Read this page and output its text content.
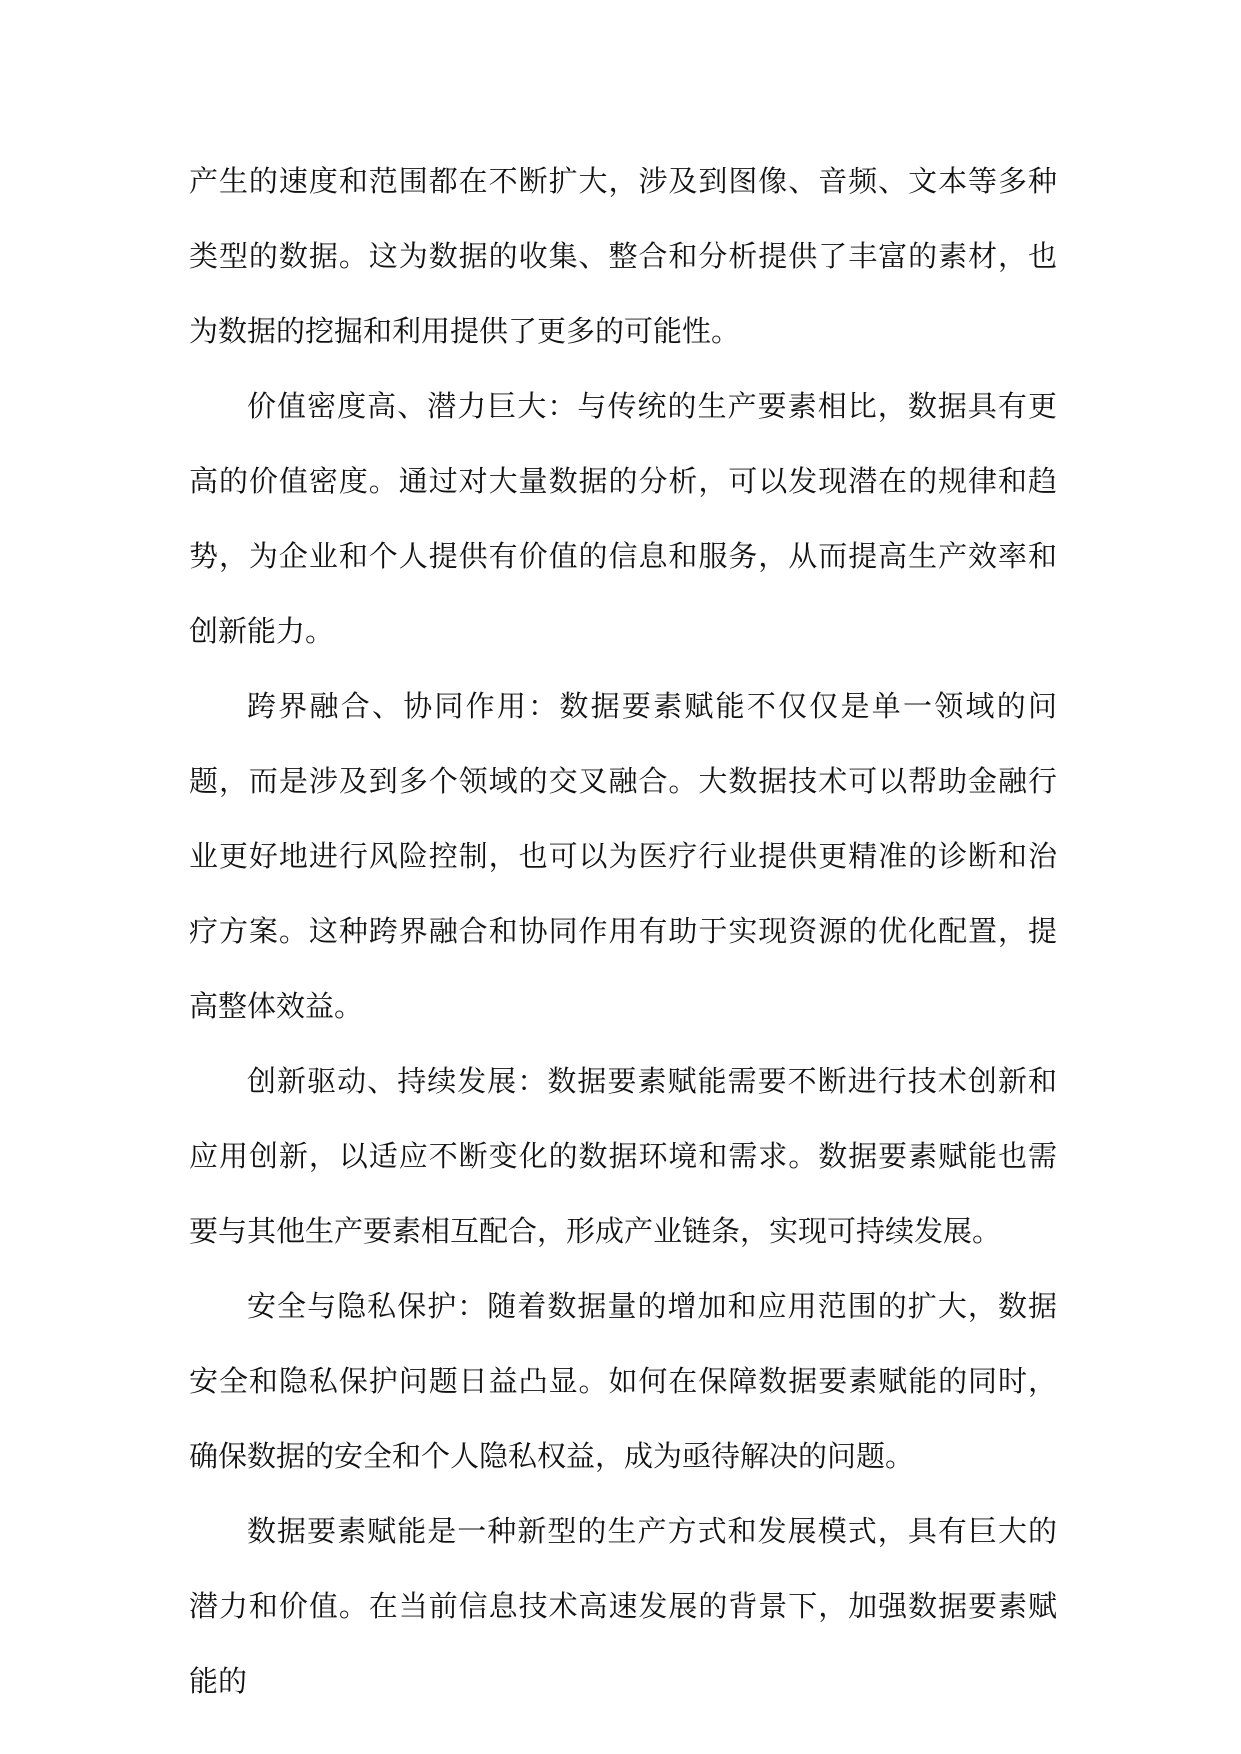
产生的速度和范围都在不断扩大，涉及到图像、音频、文本等多种类型的数据。这为数据的收集、整合和分析提供了丰富的素材，也为数据的挖掘和利用提供了更多的可能性。

价值密度高、潜力巨大：与传统的生产要素相比，数据具有更高的价值密度。通过对大量数据的分析，可以发现潜在的规律和趋势，为企业和个人提供有价值的信息和服务，从而提高生产效率和创新能力。

跨界融合、协同作用：数据要素赋能不仅仅是单一领域的问题，而是涉及到多个领域的交叉融合。大数据技术可以帮助金融行业更好地进行风险控制，也可以为医疗行业提供更精准的诊断和治疗方案。这种跨界融合和协同作用有助于实现资源的优化配置，提高整体效益。

创新驱动、持续发展：数据要素赋能需要不断进行技术创新和应用创新，以适应不断变化的数据环境和需求。数据要素赋能也需要与其他生产要素相互配合，形成产业链条，实现可持续发展。

安全与隐私保护：随着数据量的增加和应用范围的扩大，数据安全和隐私保护问题日益凸显。如何在保障数据要素赋能的同时，确保数据的安全和个人隐私权益，成为亟待解决的问题。

数据要素赋能是一种新型的生产方式和发展模式，具有巨大的潜力和价值。在当前信息技术高速发展的背景下，加强数据要素赋能的
